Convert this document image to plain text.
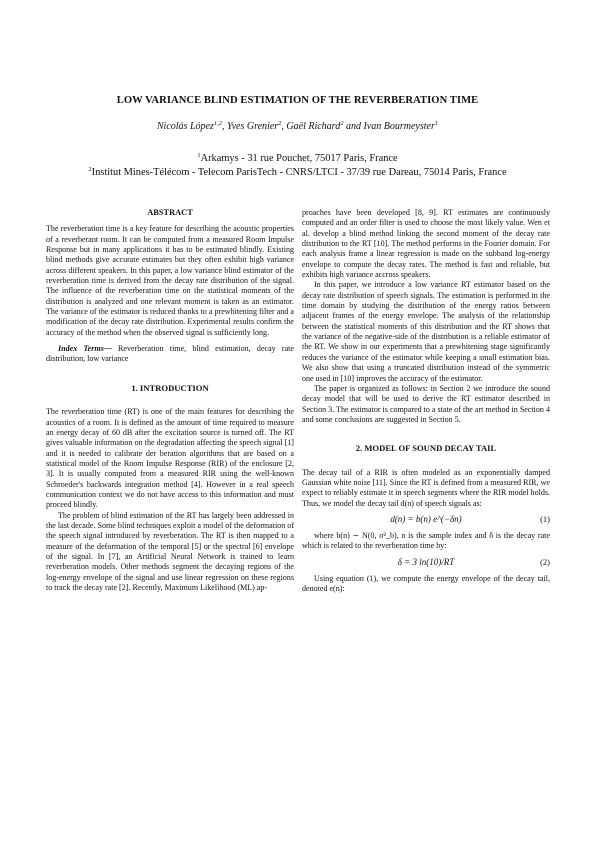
LOW VARIANCE BLIND ESTIMATION OF THE REVERBERATION TIME
Nicolás López$^{1,2}$, Yves Grenier$^2$, Gaël Richard$^2$ and Ivan Bourmeyster$^1$
$^1$Arkamys - 31 rue Pouchet, 75017 Paris, France
$^2$Institut Mines-Télécom - Telecom ParisTech - CNRS/LTCI - 37/39 rue Dareau, 75014 Paris, France

ABSTRACT

The reverberation time is a key feature for describing the acoustic properties of a reverberant room. It can be computed from a measured Room Impulse Response but in many applications it has to be estimated blindly. Existing blind methods give accurate estimates but they often exhibit high variance across different speakers. In this paper, a low variance blind estimator of the reverberation time is derived from the decay rate distribution of the signal. The influence of the reverberation time on the statistical moments of the distribution is analyzed and one relevant moment is taken as an estimator. The variance of the estimator is reduced thanks to a prewhitening filter and a modification of the decay rate distribution. Experimental results confirm the accuracy of the method when the observed signal is sufficiently long.

Index Terms— Reverberation time, blind estimation, decay rate distribution, low variance

1. INTRODUCTION

The reverberation time (RT) is one of the main features for describing the acoustics of a room. It is defined as the amount of time required to measure an energy decay of 60 dB after the excitation source is turned off. The RT gives valuable information on the degradation affecting the speech signal [1] and it is needed to calibrate der beration algorithms that are based on a statistical model of the Room Impulse Response (RIR) of the enclosure [2, 3]. It is usually computed from a measured RIR using the well-known Schroeder's backwards integration method [4]. However in a real speech communication context we do not have access to this information and must proceed blindly.

The problem of blind estimation of the RT has largely been addressed in the last decade. Some blind techniques exploit a model of the deformation of the speech signal introduced by reverberation. The RT is then mapped to a measure of the deformation of the temporal [5] or the spectral [6] envelope of the signal. In [7], an Artificial Neural Network is trained to learn reverberation models. Other methods segment the decaying regions of the log-energy envelope of the signal and use linear regression on these regions to track the decay rate [2]. Recently, Maximum Likelihood (ML) ap-

proaches have been developed [8, 9]. RT estimates are continuously computed and an order filter is used to choose the most likely value. Wen et al. develop a blind method linking the second moment of the decay rate distribution to the RT [10]. The method performs in the Fourier domain. For each analysis frame a linear regression is made on the subband log-energy envelope to compute the decay rates. The method is fast and reliable, but exhibits high variance accross speakers.

In this paper, we introduce a low variance RT estimator based on the decay rate distribution of speech signals. The estimation is performed in the time domain by studying the distribution of the energy ratios between adjacent frames of the energy envelope. The analysis of the relationship between the statistical moments of this distribution and the RT shows that the variance of the negative-side of the distribution is a reliable estimator of the RT. We show in our experiments that a prewhitening stage significantly reduces the variance of the estimator while keeping a small estimation bias. We also show that using a truncated distribution instead of the symmetric one used in [10] improves the accuracy of the estimator.

The paper is organized as follows: in Section 2 we introduce the sound decay model that will be used to derive the RT estimator described in Section 3. The estimator is compared to a state of the art method in Section 4 and some conclusions are suggested in Section 5.

2. MODEL OF SOUND DECAY TAIL

The decay tail of a RIR is often modeled as an exponentially damped Gaussian white noise [11]. Since the RT is defined from a measured RIR, we expect to reliably estimate it in speech segments where the RIR model holds. Thus, we model the decay tail d(n) of speech signals as:

d(n) = b(n) e^(−δn)	(1)

where b(n) ∼ N(0, σ²_b), n is the sample index and δ is the decay rate which is related to the reverberation time by:

δ = 3 ln(10)/RT	(2)

Using equation (1), we compute the energy envelope of the decay tail, denoted e(n):
